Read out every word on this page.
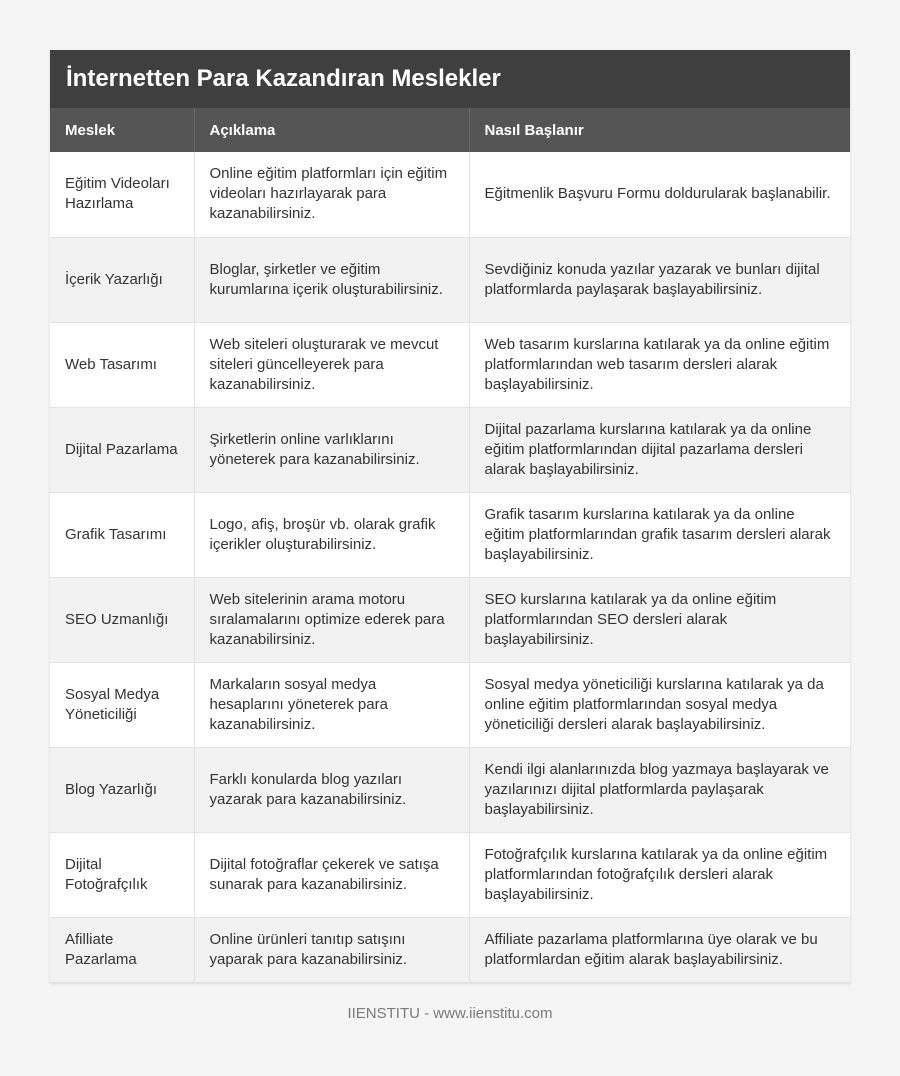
İnternetten Para Kazandıran Meslekler
Meslek	Açıklama	Nasıl Başlanır
Eğitim Videoları Hazırlama	Online eğitim platformları için eğitim videoları hazırlayarak para kazanabilirsiniz.	Eğitmenlik Başvuru Formu doldurularak başlanabilir.
İçerik Yazarlığı	Bloglar, şirketler ve eğitim kurumlarına içerik oluşturabilirsiniz.	Sevdiğiniz konuda yazılar yazarak ve bunları dijital platformlarda paylaşarak başlayabilirsiniz.
Web Tasarımı	Web siteleri oluşturarak ve mevcut siteleri güncelleyerek para kazanabilirsiniz.	Web tasarım kurslarına katılarak ya da online eğitim platformlarından web tasarım dersleri alarak başlayabilirsiniz.
Dijital Pazarlama	Şirketlerin online varlıklarını yöneterek para kazanabilirsiniz.	Dijital pazarlama kurslarına katılarak ya da online eğitim platformlarından dijital pazarlama dersleri alarak başlayabilirsiniz.
Grafik Tasarımı	Logo, afiş, broşür vb. olarak grafik içerikler oluşturabilirsiniz.	Grafik tasarım kurslarına katılarak ya da online eğitim platformlarından grafik tasarım dersleri alarak başlayabilirsiniz.
SEO Uzmanlığı	Web sitelerinin arama motoru sıralamalarını optimize ederek para kazanabilirsiniz.	SEO kurslarına katılarak ya da online eğitim platformlarından SEO dersleri alarak başlayabilirsiniz.
Sosyal Medya Yöneticiliği	Markaların sosyal medya hesaplarını yöneterek para kazanabilirsiniz.	Sosyal medya yöneticiliği kurslarına katılarak ya da online eğitim platformlarından sosyal medya yöneticiliği dersleri alarak başlayabilirsiniz.
Blog Yazarlığı	Farklı konularda blog yazıları yazarak para kazanabilirsiniz.	Kendi ilgi alanlarınızda blog yazmaya başlayarak ve yazılarınızı dijital platformlarda paylaşarak başlayabilirsiniz.
Dijital Fotoğrafçılık	Dijital fotoğraflar çekerek ve satışa sunarak para kazanabilirsiniz.	Fotoğrafçılık kurslarına katılarak ya da online eğitim platformlarından fotoğrafçılık dersleri alarak başlayabilirsiniz.
Afilliate Pazarlama	Online ürünleri tanıtıp satışını yaparak para kazanabilirsiniz.	Affiliate pazarlama platformlarına üye olarak ve bu platformlardan eğitim alarak başlayabilirsiniz.
IIENSTITU - www.iienstitu.com
